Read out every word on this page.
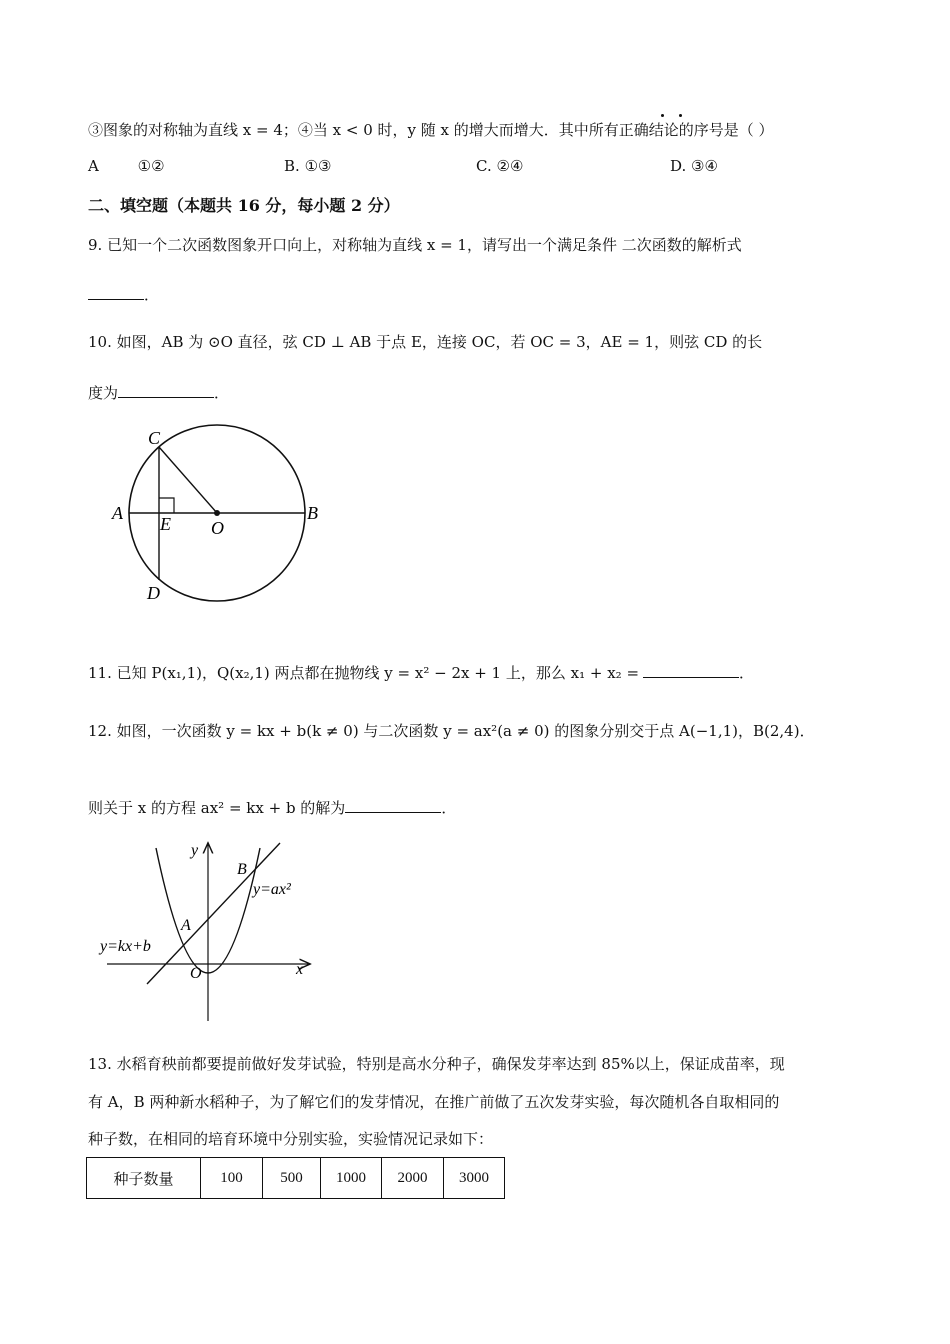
③图象的对称轴为直线 x = 4；④当 x < 0 时，y 随 x 的增大而增大．其中所有正确结论的序号是（ ）
A	①②	B. ①③	C. ②④	D. ③④
二、填空题（本题共 16 分，每小题 2 分）
9. 已知一个二次函数图象开口向上，对称轴为直线 x = 1，请写出一个满足条件 二次函数的解析式
．
10. 如图，AB 为 ⊙O 直径，弦 CD ⊥ AB 于点 E，连接 OC，若 OC = 3，AE = 1，则弦 CD 的长
度为	．
C
A	B
E O
D
11. 已知 P(x₁,1)，Q(x₂,1) 两点都在抛物线 y = x² − 2x + 1 上，那么 x₁ + x₂ =	．
12. 如图，一次函数 y = kx + b(k ≠ 0) 与二次函数 y = ax²(a ≠ 0) 的图象分别交于点 A(−1,1)，B(2,4)．
则关于 x 的方程 ax² = kx + b 的解为	．
y
x
B
A
O
y=ax²
y=kx+b
13. 水稻育秧前都要提前做好发芽试验，特别是高水分种子，确保发芽率达到 85%以上，保证成苗率，现
有 A，B 两种新水稻种子，为了解它们的发芽情况，在推广前做了五次发芽实验，每次随机各自取相同的
种子数，在相同的培育环境中分别实验，实验情况记录如下：
种子数量	100	500	1000	2000	3000
